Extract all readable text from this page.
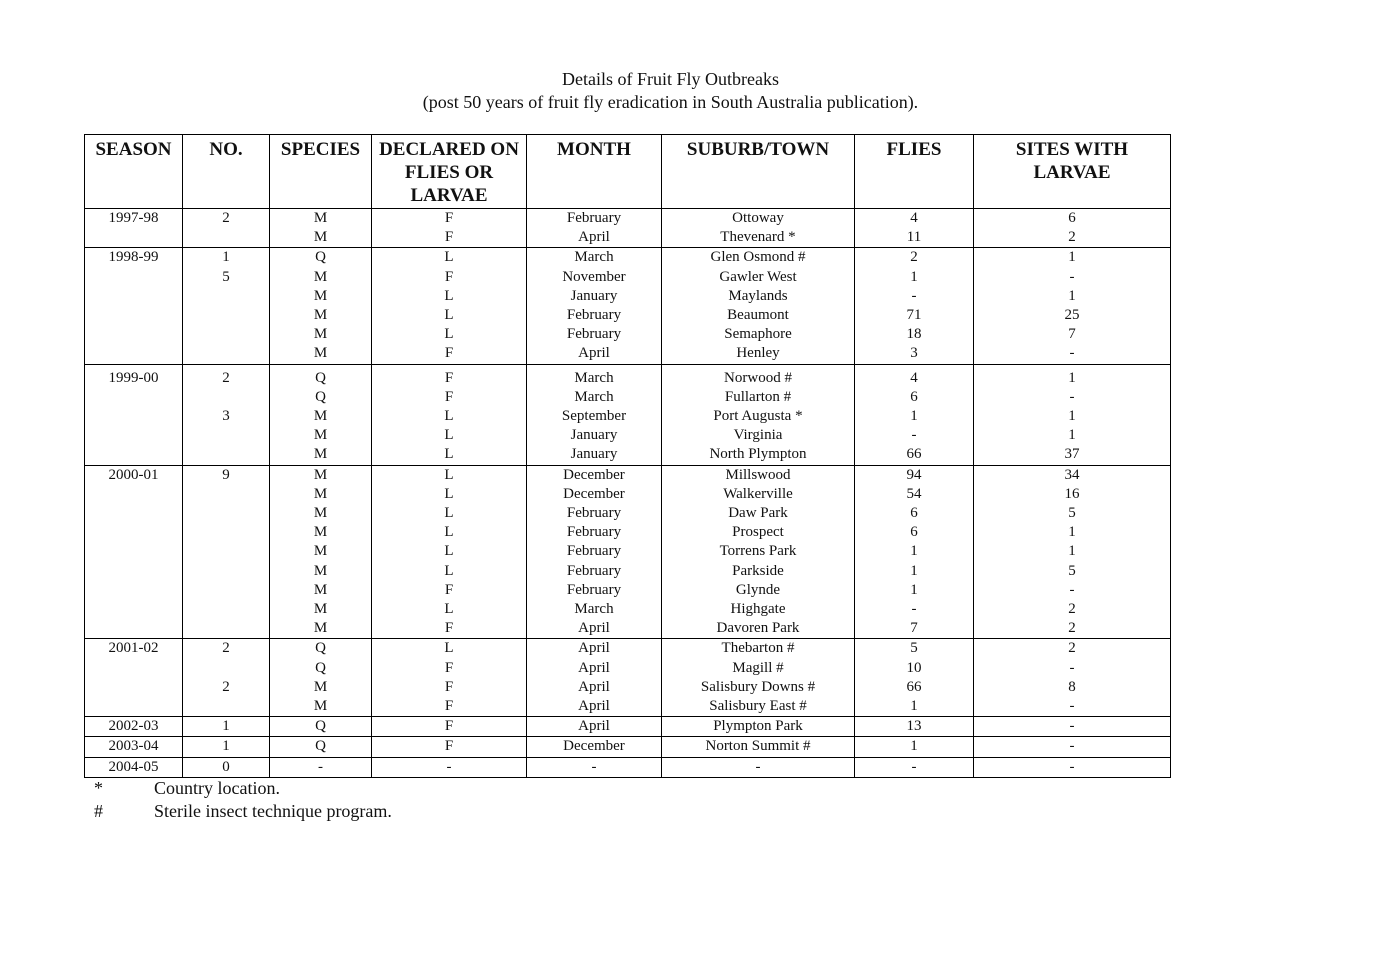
Details of Fruit Fly Outbreaks
(post 50 years of fruit fly eradication in South Australia publication).
SEASON	NO.	SPECIES	DECLARED ON FLIES OR LARVAE	MONTH	SUBURB/TOWN	FLIES	SITES WITH LARVAE
1997-98	2	M	F	February	Ottoway	4	6
		M	F	April	Thevenard *	11	2
1998-99	1	Q	L	March	Glen Osmond #	2	1
	5	M	F	November	Gawler West	1	-
		M	L	January	Maylands	-	1
		M	L	February	Beaumont	71	25
		M	L	February	Semaphore	18	7
		M	F	April	Henley	3	-
1999-00	2	Q	F	March	Norwood #	4	1
		Q	F	March	Fullarton #	6	-
	3	M	L	September	Port Augusta *	1	1
		M	L	January	Virginia	-	1
		M	L	January	North Plympton	66	37
2000-01	9	M	L	December	Millswood	94	34
		M	L	December	Walkerville	54	16
		M	L	February	Daw Park	6	5
		M	L	February	Prospect	6	1
		M	L	February	Torrens Park	1	1
		M	L	February	Parkside	1	5
		M	F	February	Glynde	1	-
		M	L	March	Highgate	-	2
		M	F	April	Davoren Park	7	2
2001-02	2	Q	L	April	Thebarton #	5	2
		Q	F	April	Magill #	10	-
	2	M	F	April	Salisbury Downs #	66	8
		M	F	April	Salisbury East #	1	-
2002-03	1	Q	F	April	Plympton Park	13	-
2003-04	1	Q	F	December	Norton Summit #	1	-
2004-05	0	-	-	-	-	-	-
*	Country location.
#	Sterile insect technique program.
